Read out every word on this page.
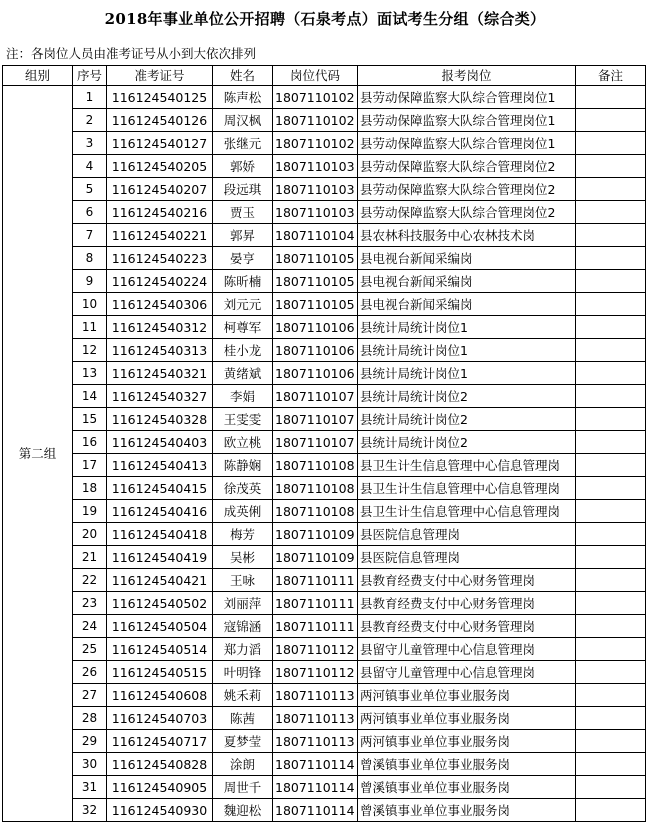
2018年事业单位公开招聘（石泉考点）面试考生分组（综合类）
注：各岗位人员由准考证号从小到大依次排列
组别	序号	准考证号	姓名	岗位代码	报考岗位	备注
第二组	1	116124540125	陈声松	1807110102	县劳动保障监察大队综合管理岗位1	
	2	116124540126	周汉枫	1807110102	县劳动保障监察大队综合管理岗位1	
	3	116124540127	张继元	1807110102	县劳动保障监察大队综合管理岗位1	
	4	116124540205	郭娇	1807110103	县劳动保障监察大队综合管理岗位2	
	5	116124540207	段远琪	1807110103	县劳动保障监察大队综合管理岗位2	
	6	116124540216	贾玉	1807110103	县劳动保障监察大队综合管理岗位2	
	7	116124540221	郭昇	1807110104	县农林科技服务中心农林技术岗	
	8	116124540223	晏亨	1807110105	县电视台新闻采编岗	
	9	116124540224	陈昕楠	1807110105	县电视台新闻采编岗	
	10	116124540306	刘元元	1807110105	县电视台新闻采编岗	
	11	116124540312	柯尊军	1807110106	县统计局统计岗位1	
	12	116124540313	桂小龙	1807110106	县统计局统计岗位1	
	13	116124540321	黄绪斌	1807110106	县统计局统计岗位1	
	14	116124540327	李娟	1807110107	县统计局统计岗位2	
	15	116124540328	王雯雯	1807110107	县统计局统计岗位2	
	16	116124540403	欧立桃	1807110107	县统计局统计岗位2	
	17	116124540413	陈静娴	1807110108	县卫生计生信息管理中心信息管理岗	
	18	116124540415	徐茂英	1807110108	县卫生计生信息管理中心信息管理岗	
	19	116124540416	成英俐	1807110108	县卫生计生信息管理中心信息管理岗	
	20	116124540418	梅芳	1807110109	县医院信息管理岗	
	21	116124540419	吴彬	1807110109	县医院信息管理岗	
	22	116124540421	王咏	1807110111	县教育经费支付中心财务管理岗	
	23	116124540502	刘丽萍	1807110111	县教育经费支付中心财务管理岗	
	24	116124540504	寇锦涵	1807110111	县教育经费支付中心财务管理岗	
	25	116124540514	郑力滔	1807110112	县留守儿童管理中心信息管理岗	
	26	116124540515	叶明锋	1807110112	县留守儿童管理中心信息管理岗	
	27	116124540608	姚禾莉	1807110113	两河镇事业单位事业服务岗	
	28	116124540703	陈茜	1807110113	两河镇事业单位事业服务岗	
	29	116124540717	夏梦莹	1807110113	两河镇事业单位事业服务岗	
	30	116124540828	涂朗	1807110114	曾溪镇事业单位事业服务岗	
	31	116124540905	周世千	1807110114	曾溪镇事业单位事业服务岗	
	32	116124540930	魏迎松	1807110114	曾溪镇事业单位事业服务岗	
